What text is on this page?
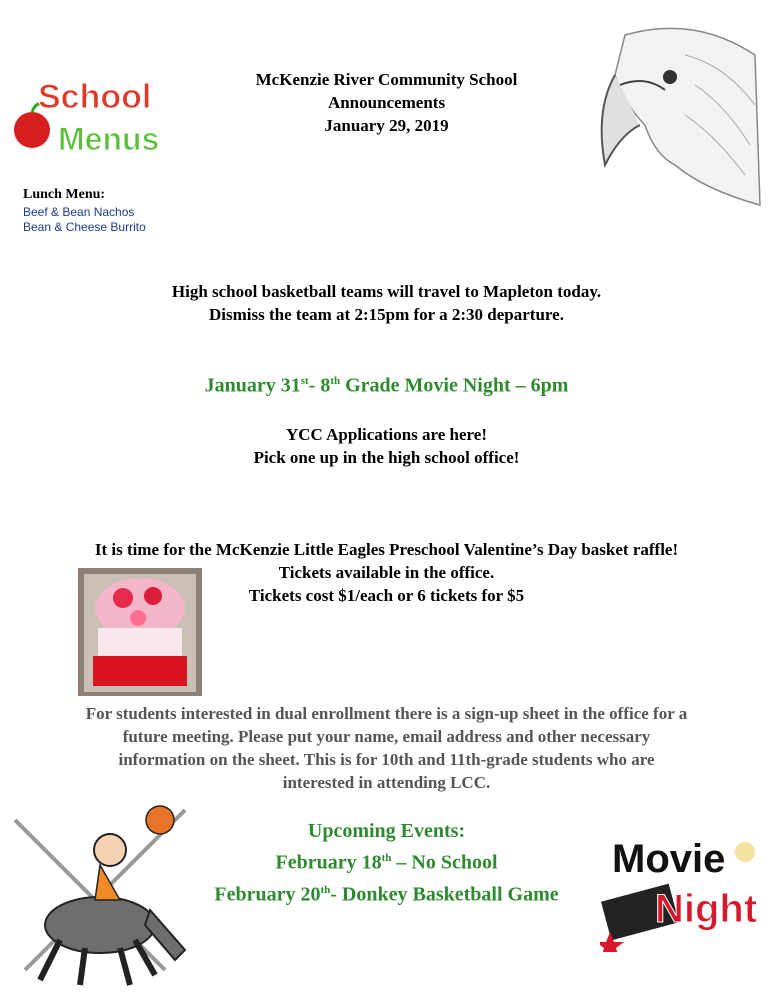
School
Menus
McKenzie River Community School
Announcements
January 29, 2019
Lunch Menu:
Beef & Bean Nachos
Bean & Cheese Burrito
High school basketball teams will travel to Mapleton today.
Dismiss the team at 2:15pm for a 2:30 departure.
January 31st- 8th Grade Movie Night – 6pm
YCC Applications are here!
Pick one up in the high school office!
It is time for the McKenzie Little Eagles Preschool Valentine’s Day basket raffle!
Tickets available in the office.
Tickets cost $1/each or 6 tickets for $5
For students interested in dual enrollment there is a sign-up sheet in the office for a
future meeting. Please put your name, email address and other necessary
information on the sheet. This is for 10th and 11th-grade students who are
interested in attending LCC.
Upcoming Events:
February 18th – No School
February 20th- Donkey Basketball Game
Movie
Night
